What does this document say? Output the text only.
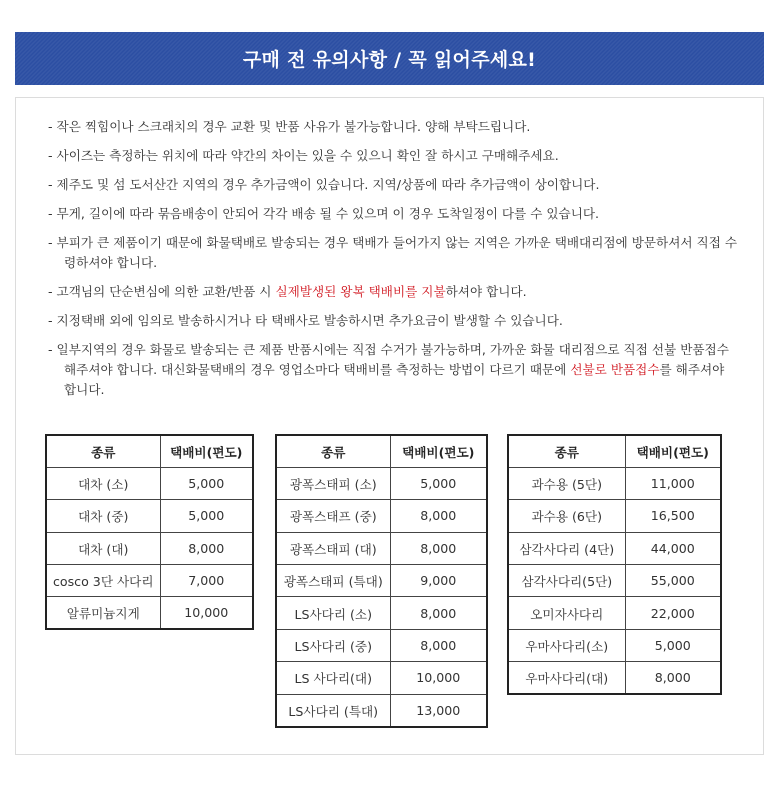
구매 전 유의사항 / 꼭 읽어주세요!
- 작은 찍힘이나 스크래치의 경우 교환 및 반품 사유가 불가능합니다. 양해 부탁드립니다.
- 사이즈는 측정하는 위치에 따라 약간의 차이는 있을 수 있으니 확인 잘 하시고 구매해주세요.
- 제주도 및 섬 도서산간 지역의 경우 추가금액이 있습니다. 지역/상품에 따라 추가금액이 상이합니다.
- 무게, 길이에 따라 묶음배송이 안되어 각각 배송 될 수 있으며 이 경우 도착일정이 다를 수 있습니다.
- 부피가 큰 제품이기 때문에 화물택배로 발송되는 경우 택배가 들어가지 않는 지역은 가까운 택배대리점에 방문하셔서 직접 수령하셔야 합니다.
- 고객님의 단순변심에 의한 교환/반품 시 실제발생된 왕복 택배비를 지불하셔야 합니다.
- 지정택배 외에 임의로 발송하시거나 타 택배사로 발송하시면 추가요금이 발생할 수 있습니다.
- 일부지역의 경우 화물로 발송되는 큰 제품 반품시에는 직접 수거가 불가능하며, 가까운 화물 대리점으로 직접 선불 반품접수 해주셔야 합니다. 대신화물택배의 경우 영업소마다 택배비를 측정하는 방법이 다르기 때문에 선불로 반품접수를 해주셔야 합니다.
종류	택배비(편도)
대차 (소)	5,000
대차 (중)	5,000
대차 (대)	8,000
cosco 3단 사다리	7,000
알류미늄지게	10,000
종류	택배비(편도)
광폭스태피 (소)	5,000
광폭스태프 (중)	8,000
광폭스태피 (대)	8,000
광폭스태피 (특대)	9,000
LS사다리 (소)	8,000
LS사다리 (중)	8,000
LS 사다리(대)	10,000
LS사다리 (특대)	13,000
종류	택배비(편도)
과수용 (5단)	11,000
과수용 (6단)	16,500
삼각사다리 (4단)	44,000
삼각사다리(5단)	55,000
오미자사다리	22,000
우마사다리(소)	5,000
우마사다리(대)	8,000
